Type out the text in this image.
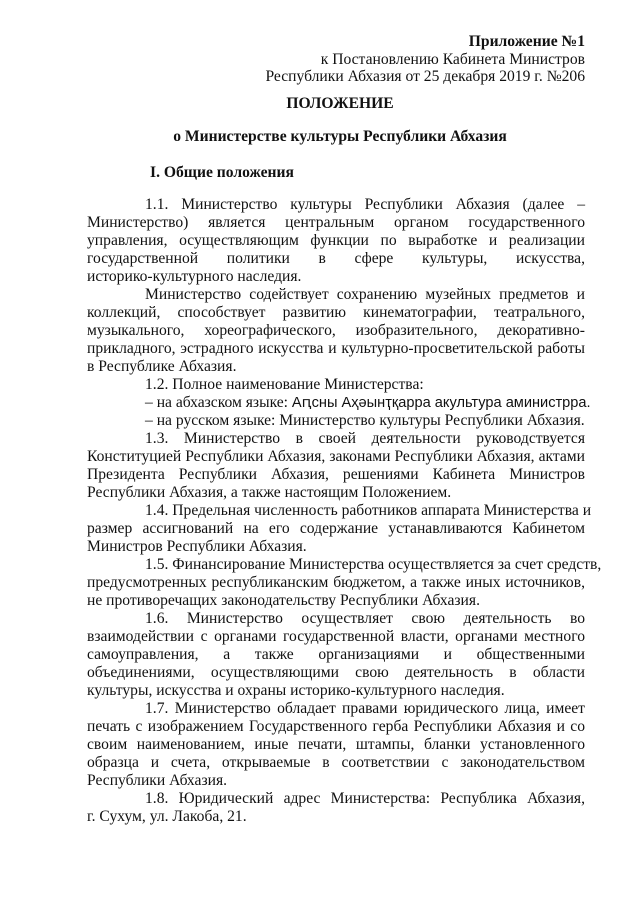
Приложение №1
к Постановлению Кабинета Министров
Республики Абхазия от 25 декабря 2019 г. №206
ПОЛОЖЕНИЕ
о Министерстве культуры Республики Абхазия
I. Общие положения
1.1. Министерство культуры Республики Абхазия (далее –
Министерство) является центральным органом государственного
управления, осуществляющим функции по выработке и реализации
государственной политики в сфере культуры, искусства,
историко-культурного наследия.
Министерство содействует сохранению музейных предметов и
коллекций, способствует развитию кинематографии, театрального,
музыкального, хореографического, изобразительного, декоративно-
прикладного, эстрадного искусства и культурно-просветительской работы
в Республике Абхазия.
1.2. Полное наименование Министерства:
– на абхазском языке: Аԥсны Аҳәынҭқарра акультура аминистрра.
– на русском языке: Министерство культуры Республики Абхазия.
1.3. Министерство в своей деятельности руководствуется
Конституцией Республики Абхазия, законами Республики Абхазия, актами
Президента Республики Абхазия, решениями Кабинета Министров
Республики Абхазия, а также настоящим Положением.
1.4. Предельная численность работников аппарата Министерства и
размер ассигнований на его содержание устанавливаются Кабинетом
Министров Республики Абхазия.
1.5. Финансирование Министерства осуществляется за счет средств,
предусмотренных республиканским бюджетом, а также иных источников,
не противоречащих законодательству Республики Абхазия.
1.6. Министерство осуществляет свою деятельность во
взаимодействии с органами государственной власти, органами местного
самоуправления, а также организациями и общественными
объединениями, осуществляющими свою деятельность в области
культуры, искусства и охраны историко-культурного наследия.
1.7. Министерство обладает правами юридического лица, имеет
печать с изображением Государственного герба Республики Абхазия и со
своим наименованием, иные печати, штампы, бланки установленного
образца и счета, открываемые в соответствии с законодательством
Республики Абхазия.
1.8. Юридический адрес Министерства: Республика Абхазия,
г. Сухум, ул. Лакоба, 21.
